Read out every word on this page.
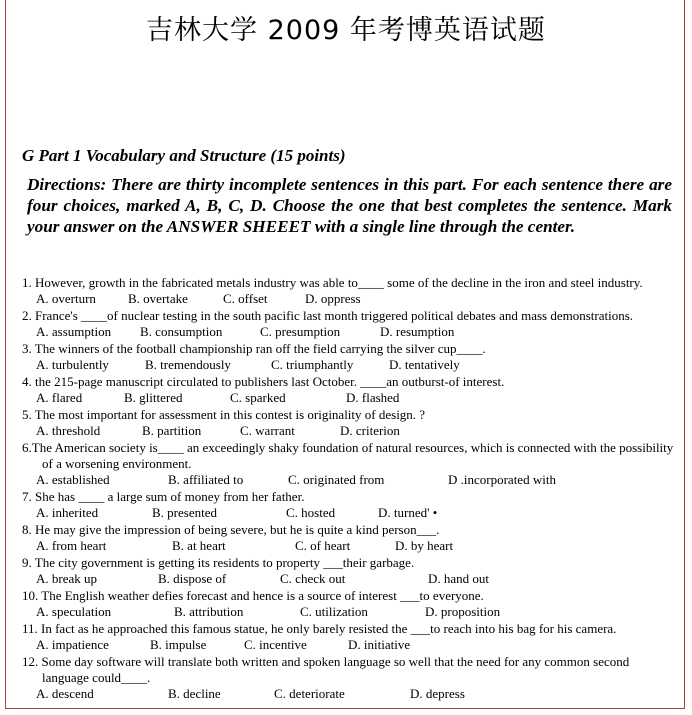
吉林大学 2009 年考博英语试题
G Part 1 Vocabulary and Structure (15 points)
Directions: There are thirty incomplete sentences in this part. For each sentence there are four choices, marked A, B, C, D. Choose the one that best completes the sentence. Mark your answer on the ANSWER SHEEET with a single line through the center.
1. However, growth in the fabricated metals industry was able to____ some of the decline in the iron and steel industry.
A. overturn	B. overtake	C. offset	D. oppress
2. France's ____of nuclear testing in the south pacific last month triggered political debates and mass demonstrations.
A. assumption	B. consumption	C. presumption	D. resumption
3. The winners of the football championship ran off the field carrying the silver cup____.
A. turbulently	B. tremendously	C. triumphantly	D. tentatively
4. the 215-page manuscript circulated to publishers last October. ____an outburst-of interest.
A. flared	B. glittered	C. sparked	D. flashed
5. The most important for assessment in this contest is originality of design. ?
A. threshold	B. partition	C. warrant	D. criterion
6.The American society is____ an exceedingly shaky foundation of natural resources, which is connected with the possibility of a worsening environment.
A. established	B. affiliated to	C. originated from	D .incorporated with
7. She has ____ a large sum of money from her father.
A. inherited	B. presented	C. hosted	D. turned' •
8. He may give the impression of being severe, but he is quite a kind person___.
A. from heart	B. at heart	C. of heart	D. by heart
9. The city government is getting its residents to property ___their garbage.
A. break up	B. dispose of	C. check out	D. hand out
10. The English weather defies forecast and hence is a source of interest ___to everyone.
A. speculation	B. attribution	C. utilization	D. proposition
11. In fact as he approached this famous statue, he only barely resisted the ___to reach into his bag for his camera.
A. impatience	B. impulse	C. incentive	D. initiative
12. Some day software will translate both written and spoken language so well that the need for any common second language could____.
A. descend	B. decline	C. deteriorate	D. depress
